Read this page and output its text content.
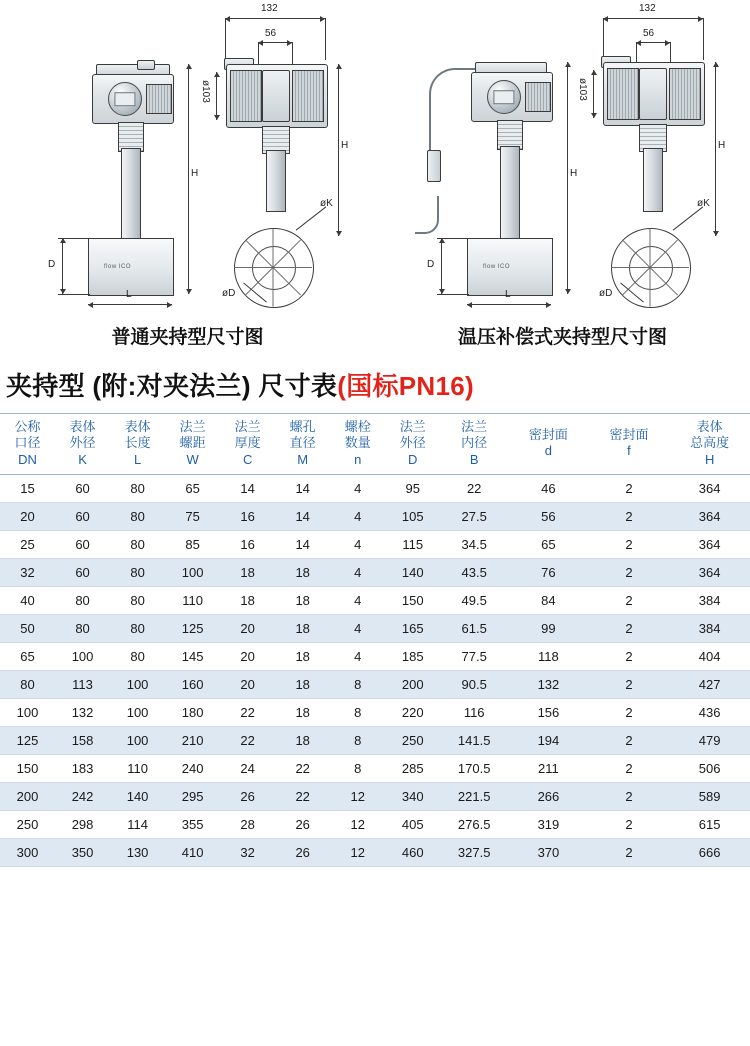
132
56
flow ICO
H
D
L
ø103
H
øK
øD
132
56
flow ICO
H
D
L
ø103
H
øK
øD
普通夹持型尺寸图	温压补偿式夹持型尺寸图
夹持型 (附:对夹法兰) 尺寸表(国标PN16)
公称
口径
DN	表体
外径
K	表体
长度
L	法兰
螺距
W	法兰
厚度
C	螺孔
直径
M	螺栓
数量
n	法兰
外径
D	法兰
内径
B	密封面
d	密封面
f	表体
总高度
H

15	60	80	65	14	14	4	95	22	46	2	364
20	60	80	75	16	14	4	105	27.5	56	2	364
25	60	80	85	16	14	4	115	34.5	65	2	364
32	60	80	100	18	18	4	140	43.5	76	2	364
40	80	80	110	18	18	4	150	49.5	84	2	384
50	80	80	125	20	18	4	165	61.5	99	2	384
65	100	80	145	20	18	4	185	77.5	118	2	404
80	113	100	160	20	18	8	200	90.5	132	2	427
100	132	100	180	22	18	8	220	116	156	2	436
125	158	100	210	22	18	8	250	141.5	194	2	479
150	183	110	240	24	22	8	285	170.5	211	2	506
200	242	140	295	26	22	12	340	221.5	266	2	589
250	298	114	355	28	26	12	405	276.5	319	2	615
300	350	130	410	32	26	12	460	327.5	370	2	666
